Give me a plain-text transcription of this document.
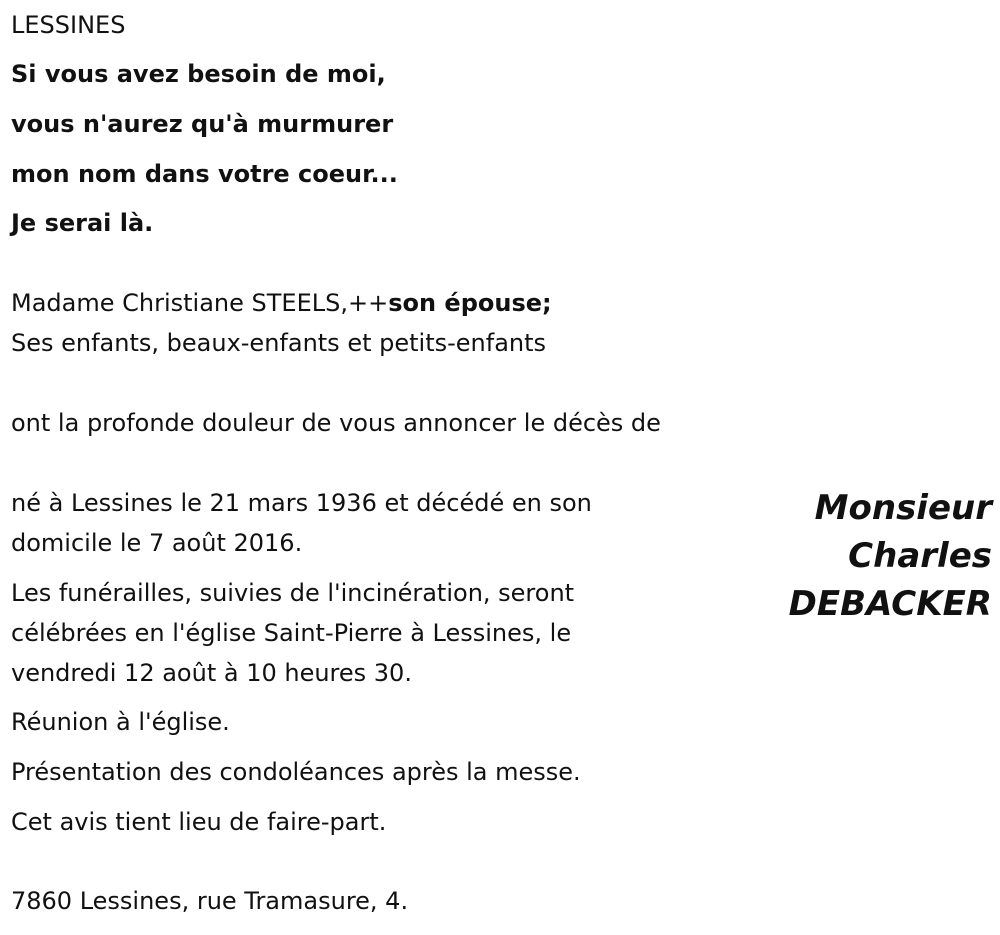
LESSINES
Si vous avez besoin de moi,
vous n'aurez qu'à murmurer
mon nom dans votre coeur...
Je serai là.
Madame Christiane STEELS,++son épouse;
Ses enfants, beaux-enfants et petits-enfants
ont la profonde douleur de vous annoncer le décès de
né à Lessines le 21 mars 1936 et décédé en son
domicile le 7 août 2016.
Les funérailles, suivies de l'incinération, seront
célébrées en l'église Saint-Pierre à Lessines, le
vendredi 12 août à 10 heures 30.
Réunion à l'église.
Présentation des condoléances après la messe.
Cet avis tient lieu de faire-part.
7860 Lessines, rue Tramasure, 4.
Monsieur
Charles
DEBACKER
